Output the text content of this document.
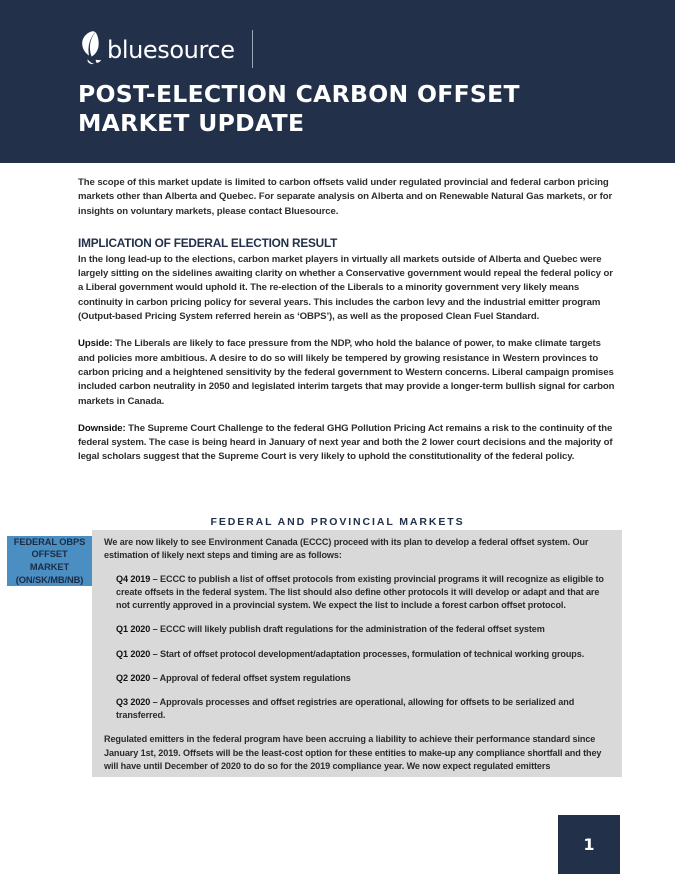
bluesource
POST-ELECTION CARBON OFFSET MARKET UPDATE

The scope of this market update is limited to carbon offsets valid under regulated provincial and federal carbon pricing markets other than Alberta and Quebec. For separate analysis on Alberta and on Renewable Natural Gas markets, or for insights on voluntary markets, please contact Bluesource.

IMPLICATION OF FEDERAL ELECTION RESULT

In the long lead-up to the elections, carbon market players in virtually all markets outside of Alberta and Quebec were largely sitting on the sidelines awaiting clarity on whether a Conservative government would repeal the federal policy or a Liberal government would uphold it. The re-election of the Liberals to a minority government very likely means continuity in carbon pricing policy for several years. This includes the carbon levy and the industrial emitter program (Output-based Pricing System referred herein as ‘OBPS’), as well as the proposed Clean Fuel Standard.

Upside: The Liberals are likely to face pressure from the NDP, who hold the balance of power, to make climate targets and policies more ambitious. A desire to do so will likely be tempered by growing resistance in Western provinces to carbon pricing and a heightened sensitivity by the federal government to Western concerns. Liberal campaign promises included carbon neutrality in 2050 and legislated interim targets that may provide a longer-term bullish signal for carbon markets in Canada.

Downside: The Supreme Court Challenge to the federal GHG Pollution Pricing Act remains a risk to the continuity of the federal system. The case is being heard in January of next year and both the 2 lower court decisions and the majority of legal scholars suggest that the Supreme Court is very likely to uphold the constitutionality of the federal policy.

FEDERAL AND PROVINCIAL MARKETS
FEDERAL OBPS OFFSET MARKET (ON/SK/MB/NB)

We are now likely to see Environment Canada (ECCC) proceed with its plan to develop a federal offset system. Our estimation of likely next steps and timing are as follows:

Q4 2019 – ECCC to publish a list of offset protocols from existing provincial programs it will recognize as eligible to create offsets in the federal system. The list should also define other protocols it will develop or adapt and that are not currently approved in a provincial system. We expect the list to include a forest carbon offset protocol.
Q1 2020 – ECCC will likely publish draft regulations for the administration of the federal offset system
Q1 2020 – Start of offset protocol development/adaptation processes, formulation of technical working groups.
Q2 2020 – Approval of federal offset system regulations
Q3 2020 – Approvals processes and offset registries are operational, allowing for offsets to be serialized and transferred.

Regulated emitters in the federal program have been accruing a liability to achieve their performance standard since January 1st, 2019. Offsets will be the least-cost option for these entities to make-up any compliance shortfall and they will have until December of 2020 to do so for the 2019 compliance year. We now expect regulated emitters

1
